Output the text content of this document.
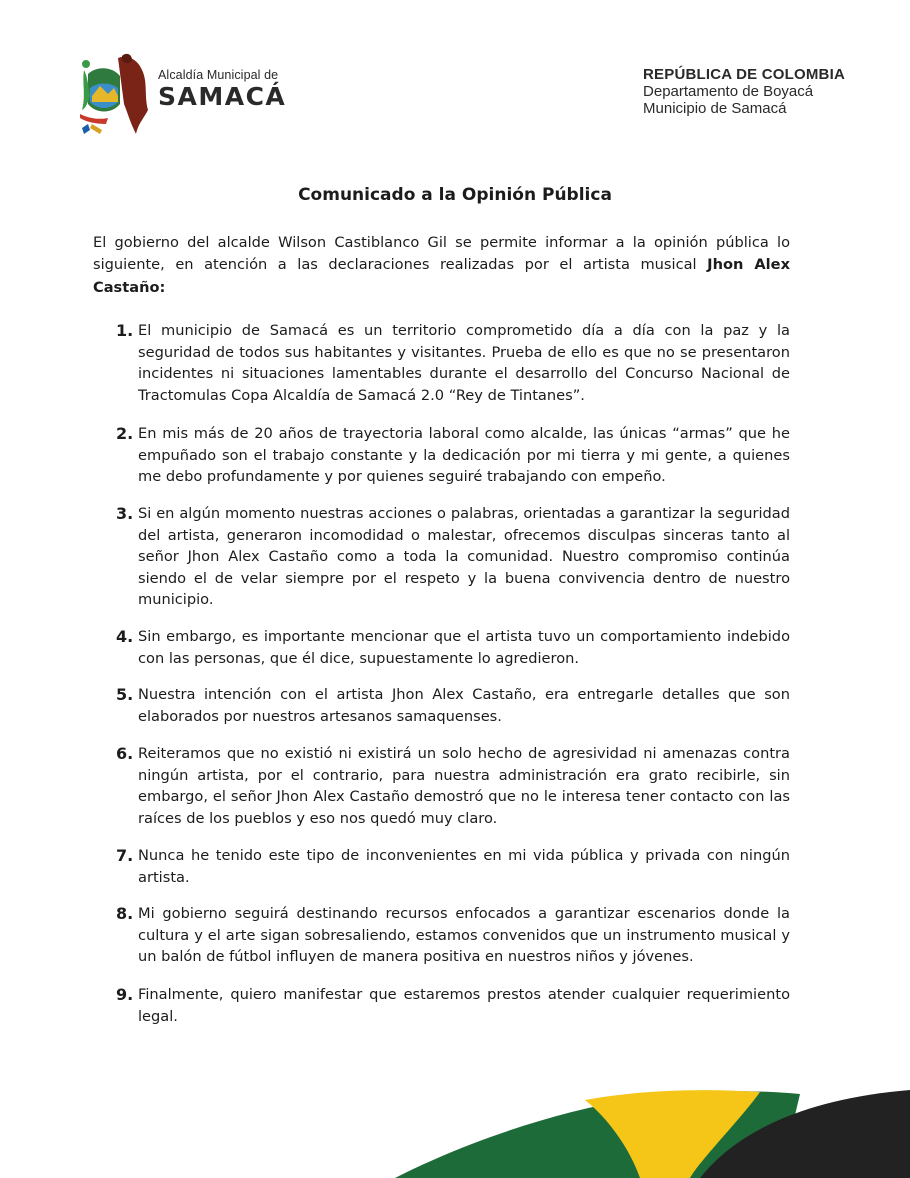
Alcaldía Municipal de
SAMACÁ
REPÚBLICA DE COLOMBIA
Departamento de Boyacá
Municipio de Samacá
Comunicado a la Opinión Pública
El gobierno del alcalde Wilson Castiblanco Gil se permite informar a la opinión pública lo siguiente, en atención a las declaraciones realizadas por el artista musical Jhon Alex Castaño:
1. El municipio de Samacá es un territorio comprometido día a día con la paz y la seguridad de todos sus habitantes y visitantes. Prueba de ello es que no se presentaron incidentes ni situaciones lamentables durante el desarrollo del Concurso Nacional de Tractomulas Copa Alcaldía de Samacá 2.0 “Rey de Tintanes”.
2. En mis más de 20 años de trayectoria laboral como alcalde, las únicas “armas” que he empuñado son el trabajo constante y la dedicación por mi tierra y mi gente, a quienes me debo profundamente y por quienes seguiré trabajando con empeño.
3. Si en algún momento nuestras acciones o palabras, orientadas a garantizar la seguridad del artista, generaron incomodidad o malestar, ofrecemos disculpas sinceras tanto al señor Jhon Alex Castaño como a toda la comunidad. Nuestro compromiso continúa siendo el de velar siempre por el respeto y la buena convivencia dentro de nuestro municipio.
4. Sin embargo, es importante mencionar que el artista tuvo un comportamiento indebido con las personas, que él dice, supuestamente lo agredieron.
5. Nuestra intención con el artista Jhon Alex Castaño, era entregarle detalles que son elaborados por nuestros artesanos samaquenses.
6. Reiteramos que no existió ni existirá un solo hecho de agresividad ni amenazas contra ningún artista, por el contrario, para nuestra administración era grato recibirle, sin embargo, el señor Jhon Alex Castaño demostró que no le interesa tener contacto con las raíces de los pueblos y eso nos quedó muy claro.
7. Nunca he tenido este tipo de inconvenientes en mi vida pública y privada con ningún artista.
8. Mi gobierno seguirá destinando recursos enfocados a garantizar escenarios donde la cultura y el arte sigan sobresaliendo, estamos convenidos que un instrumento musical y un balón de fútbol influyen de manera positiva en nuestros niños y jóvenes.
9. Finalmente, quiero manifestar que estaremos prestos atender cualquier requerimiento legal.
